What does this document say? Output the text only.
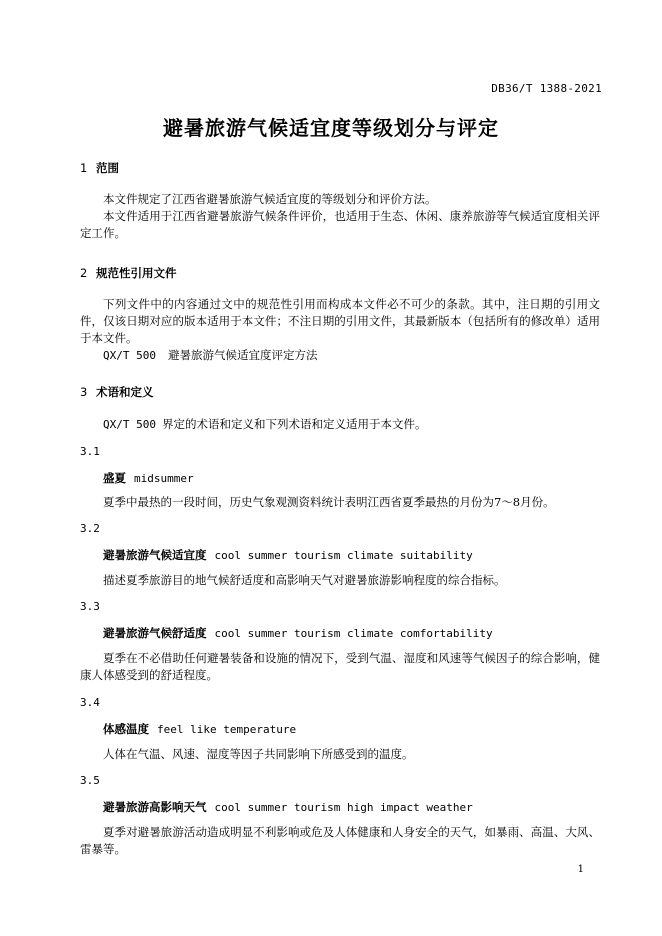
DB36/T 1388-2021
避暑旅游气候适宜度等级划分与评定
1 范围
本文件规定了江西省避暑旅游气候适宜度的等级划分和评价方法。
本文件适用于江西省避暑旅游气候条件评价，也适用于生态、休闲、康养旅游等气候适宜度相关评定工作。
2 规范性引用文件
下列文件中的内容通过文中的规范性引用而构成本文件必不可少的条款。其中，注日期的引用文件，仅该日期对应的版本适用于本文件；不注日期的引用文件，其最新版本（包括所有的修改单）适用于本文件。
QX/T 500 避暑旅游气候适宜度评定方法
3 术语和定义
QX/T 500 界定的术语和定义和下列术语和定义适用于本文件。
3.1
盛夏 midsummer
夏季中最热的一段时间，历史气象观测资料统计表明江西省夏季最热的月份为7～8月份。
3.2
避暑旅游气候适宜度 cool summer tourism climate suitability
描述夏季旅游目的地气候舒适度和高影响天气对避暑旅游影响程度的综合指标。
3.3
避暑旅游气候舒适度 cool summer tourism climate comfortability
夏季在不必借助任何避暑装备和设施的情况下，受到气温、湿度和风速等气候因子的综合影响，健康人体感受到的舒适程度。
3.4
体感温度 feel like temperature
人体在气温、风速、湿度等因子共同影响下所感受到的温度。
3.5
避暑旅游高影响天气 cool summer tourism high impact weather
夏季对避暑旅游活动造成明显不利影响或危及人体健康和人身安全的天气，如暴雨、高温、大风、雷暴等。
1
